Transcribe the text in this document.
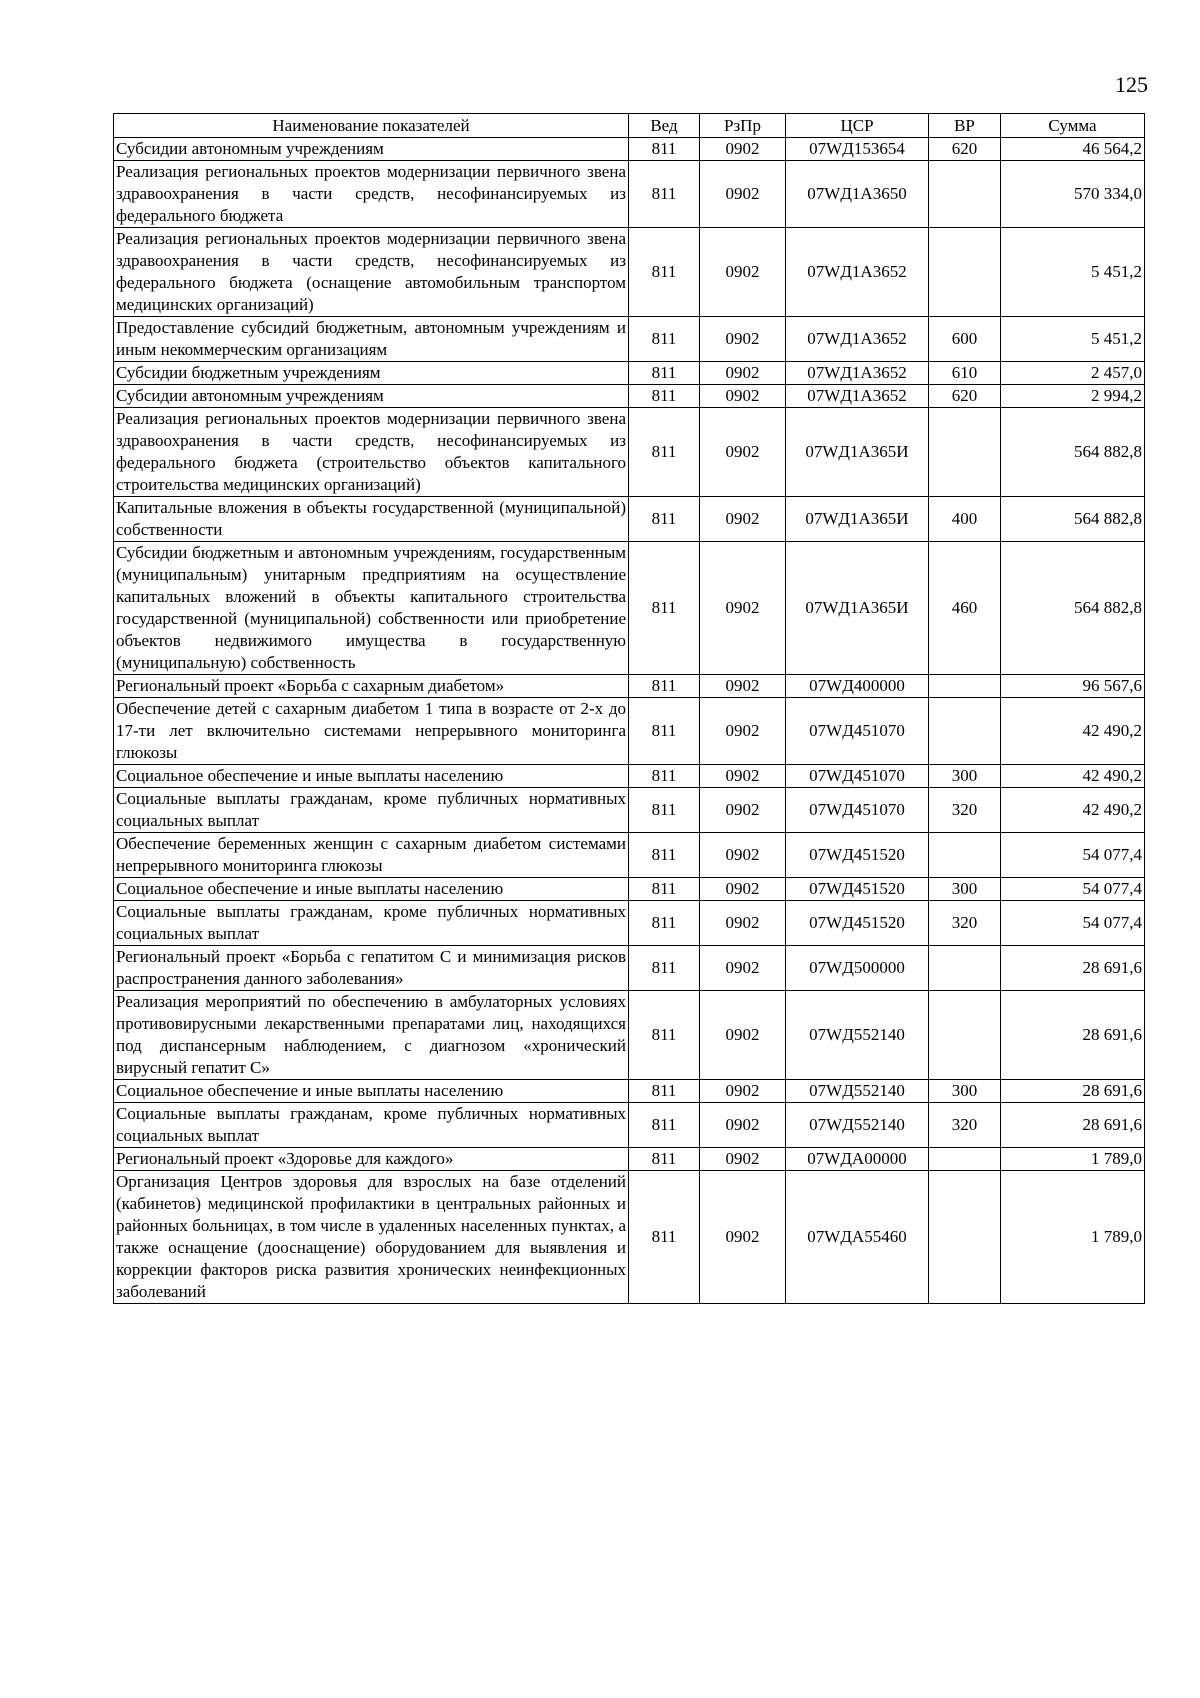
125
Наименование показателей	Вед	РзПр	ЦСР	ВР	Сумма
Субсидии автономным учреждениям	811	0902	07WД153654	620	46 564,2
Реализация региональных проектов модернизации первичного звена здравоохранения в части средств, несофинансируемых из федерального бюджета	811	0902	07WД1А3650		570 334,0
Реализация региональных проектов модернизации первичного звена здравоохранения в части средств, несофинансируемых из федерального бюджета (оснащение автомобильным транспортом медицинских организаций)	811	0902	07WД1А3652		5 451,2
Предоставление субсидий бюджетным, автономным учреждениям и иным некоммерческим организациям	811	0902	07WД1А3652	600	5 451,2
Субсидии бюджетным учреждениям	811	0902	07WД1А3652	610	2 457,0
Субсидии автономным учреждениям	811	0902	07WД1А3652	620	2 994,2
Реализация региональных проектов модернизации первичного звена здравоохранения в части средств, несофинансируемых из федерального бюджета (строительство объектов капитального строительства медицинских организаций)	811	0902	07WД1А365И		564 882,8
Капитальные вложения в объекты государственной (муниципальной) собственности	811	0902	07WД1А365И	400	564 882,8
Субсидии бюджетным и автономным учреждениям, государственным (муниципальным) унитарным предприятиям на осуществление капитальных вложений в объекты капитального строительства государственной (муниципальной) собственности или приобретение объектов недвижимого имущества в государственную (муниципальную) собственность	811	0902	07WД1А365И	460	564 882,8
Региональный проект «Борьба с сахарным диабетом»	811	0902	07WД400000		96 567,6
Обеспечение детей с сахарным диабетом 1 типа в возрасте от 2-х до 17-ти лет включительно системами непрерывного мониторинга глюкозы	811	0902	07WД451070		42 490,2
Социальное обеспечение и иные выплаты населению	811	0902	07WД451070	300	42 490,2
Социальные выплаты гражданам, кроме публичных нормативных социальных выплат	811	0902	07WД451070	320	42 490,2
Обеспечение беременных женщин с сахарным диабетом системами непрерывного мониторинга глюкозы	811	0902	07WД451520		54 077,4
Социальное обеспечение и иные выплаты населению	811	0902	07WД451520	300	54 077,4
Социальные выплаты гражданам, кроме публичных нормативных социальных выплат	811	0902	07WД451520	320	54 077,4
Региональный проект «Борьба с гепатитом С и минимизация рисков распространения данного заболевания»	811	0902	07WД500000		28 691,6
Реализация мероприятий по обеспечению в амбулаторных условиях противовирусными лекарственными препаратами лиц, находящихся под диспансерным наблюдением, с диагнозом «хронический вирусный гепатит С»	811	0902	07WД552140		28 691,6
Социальное обеспечение и иные выплаты населению	811	0902	07WД552140	300	28 691,6
Социальные выплаты гражданам, кроме публичных нормативных социальных выплат	811	0902	07WД552140	320	28 691,6
Региональный проект «Здоровье для каждого»	811	0902	07WДА00000		1 789,0
Организация Центров здоровья для взрослых на базе отделений (кабинетов) медицинской профилактики в центральных районных и районных больницах, в том числе в удаленных населенных пунктах, а также оснащение (дооснащение) оборудованием для выявления и коррекции факторов риска развития хронических неинфекционных заболеваний	811	0902	07WДА55460		1 789,0
